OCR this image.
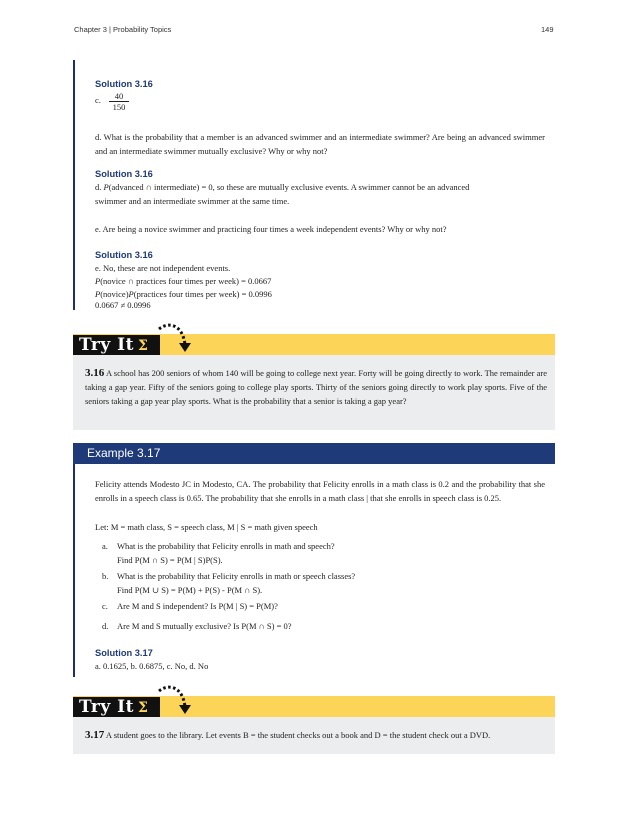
Chapter 3 | Probability Topics	149
Solution 3.16
c. $\frac{40}{150}$
d. What is the probability that a member is an advanced swimmer and an intermediate swimmer? Are being an advanced swimmer and an intermediate swimmer mutually exclusive? Why or why not?
Solution 3.16
d. P(advanced ∩ intermediate) = 0, so these are mutually exclusive events. A swimmer cannot be an advanced
swimmer and an intermediate swimmer at the same time.
e. Are being a novice swimmer and practicing four times a week independent events? Why or why not?
Solution 3.16
e. No, these are not independent events.
P(novice ∩ practices four times per week) = 0.0667
P(novice)P(practices four times per week) = 0.0996
0.0667 ≠ 0.0996
Try It Σ
3.16 A school has 200 seniors of whom 140 will be going to college next year. Forty will be going directly to work. The remainder are taking a gap year. Fifty of the seniors going to college play sports. Thirty of the seniors going directly to work play sports. Five of the seniors taking a gap year play sports. What is the probability that a senior is taking a gap year?
Example 3.17
Felicity attends Modesto JC in Modesto, CA. The probability that Felicity enrolls in a math class is 0.2 and the probability that she enrolls in a speech class is 0.65. The probability that she enrolls in a math class | that she enrolls in speech class is 0.25.
Let: M = math class, S = speech class, M | S = math given speech
a. What is the probability that Felicity enrolls in math and speech?
Find P(M ∩ S) = P(M | S)P(S).
b. What is the probability that Felicity enrolls in math or speech classes?
Find P(M ∪ S) = P(M) + P(S) - P(M ∩ S).
c. Are M and S independent? Is P(M | S) = P(M)?
d. Are M and S mutually exclusive? Is P(M ∩ S) = 0?
Solution 3.17
a. 0.1625, b. 0.6875, c. No, d. No
Try It Σ
3.17 A student goes to the library. Let events B = the student checks out a book and D = the student check out a DVD.
